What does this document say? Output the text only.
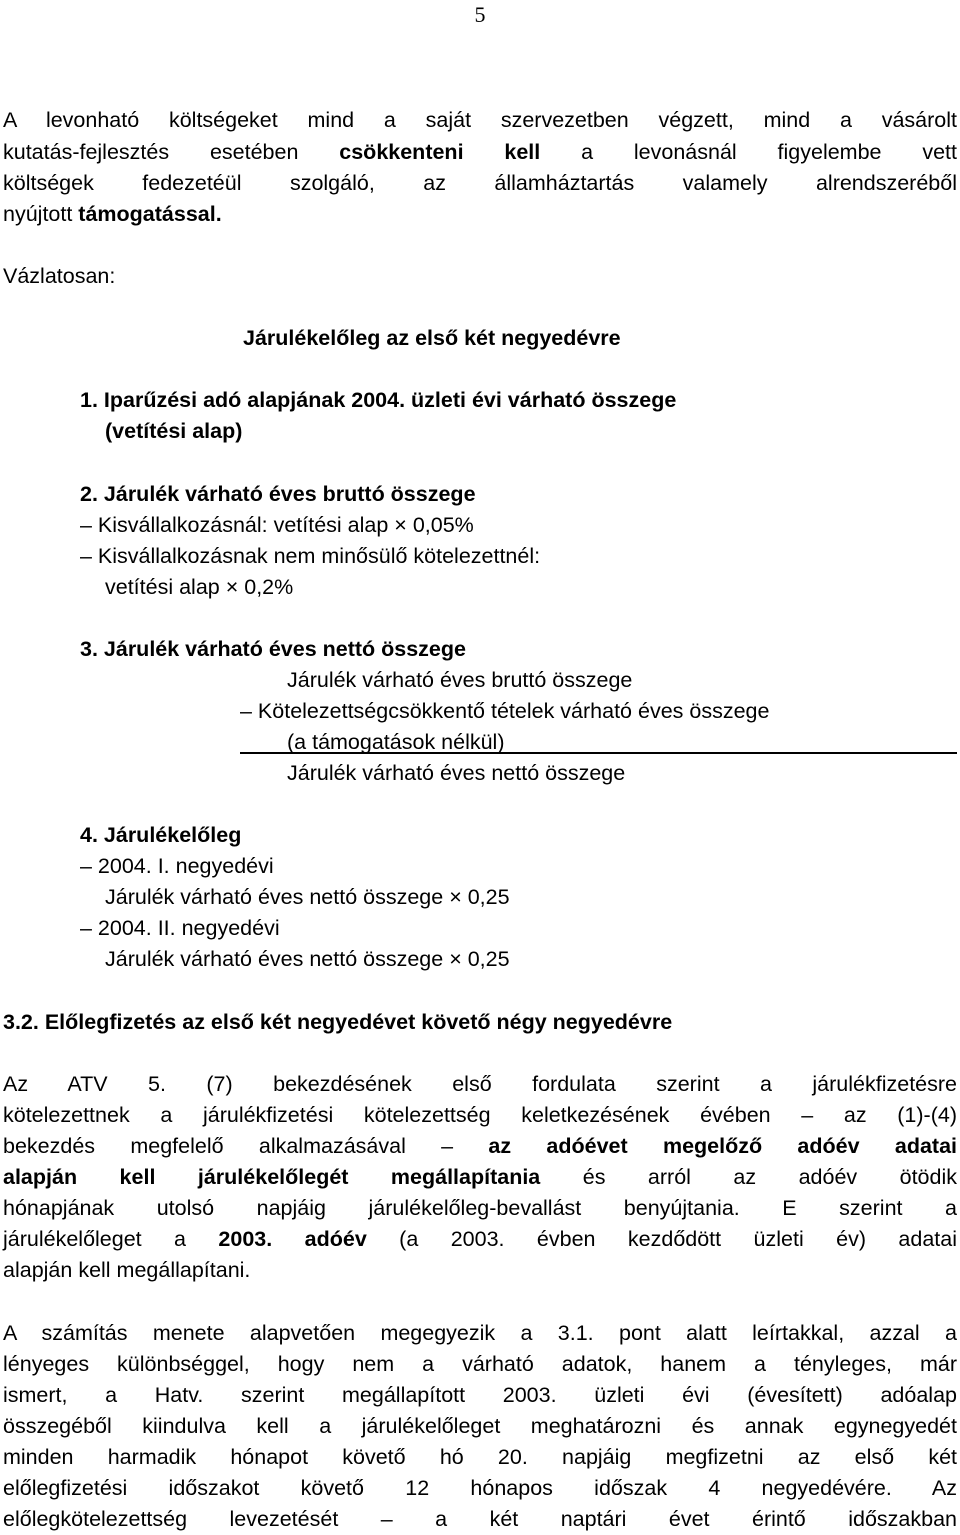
5
A levonható költségeket mind a saját szervezetben végzett, mind a vásárolt
kutatás-fejlesztés esetében csökkenteni kell a levonásnál figyelembe vett
költségek fedezetéül szolgáló, az államháztartás valamely alrendszeréből
nyújtott támogatással.
Vázlatosan:
Járulékelőleg az első két negyedévre
1. Iparűzési adó alapjának 2004. üzleti évi várható összege
(vetítési alap)
2. Járulék várható éves bruttó összege
– Kisvállalkozásnál: vetítési alap × 0,05%
– Kisvállalkozásnak nem minősülő kötelezettnél:
vetítési alap × 0,2%
3. Járulék várható éves nettó összege
Járulék várható éves bruttó összege
– Kötelezettségcsökkentő tételek várható éves összege
(a támogatások nélkül)
Járulék várható éves nettó összege
4. Járulékelőleg
– 2004. I. negyedévi
Járulék várható éves nettó összege × 0,25
– 2004. II. negyedévi
Járulék várható éves nettó összege × 0,25
3.2. Előlegfizetés az első két negyedévet követő négy negyedévre
Az ATV 5. (7) bekezdésének első fordulata szerint a járulékfizetésre
kötelezettnek a járulékfizetési kötelezettség keletkezésének évében – az (1)-(4)
bekezdés megfelelő alkalmazásával – az adóévet megelőző adóév adatai
alapján kell járulékelőlegét megállapítania és arról az adóév ötödik
hónapjának utolsó napjáig járulékelőleg-bevallást benyújtania. E szerint a
járulékelőleget a 2003. adóév (a 2003. évben kezdődött üzleti év) adatai
alapján kell megállapítani.
A számítás menete alapvetően megegyezik a 3.1. pont alatt leírtakkal, azzal a
lényeges különbséggel, hogy nem a várható adatok, hanem a tényleges, már
ismert, a Hatv. szerint megállapított 2003. üzleti évi (évesített) adóalap
összegéből kiindulva kell a járulékelőleget meghatározni és annak egynegyedét
minden harmadik hónapot követő hó 20. napjáig megfizetni az első két
előlegfizetési időszakot követő 12 hónapos időszak 4 negyedévére. Az
előlegkötelezettség levezetését – a két naptári évet érintő időszakban
